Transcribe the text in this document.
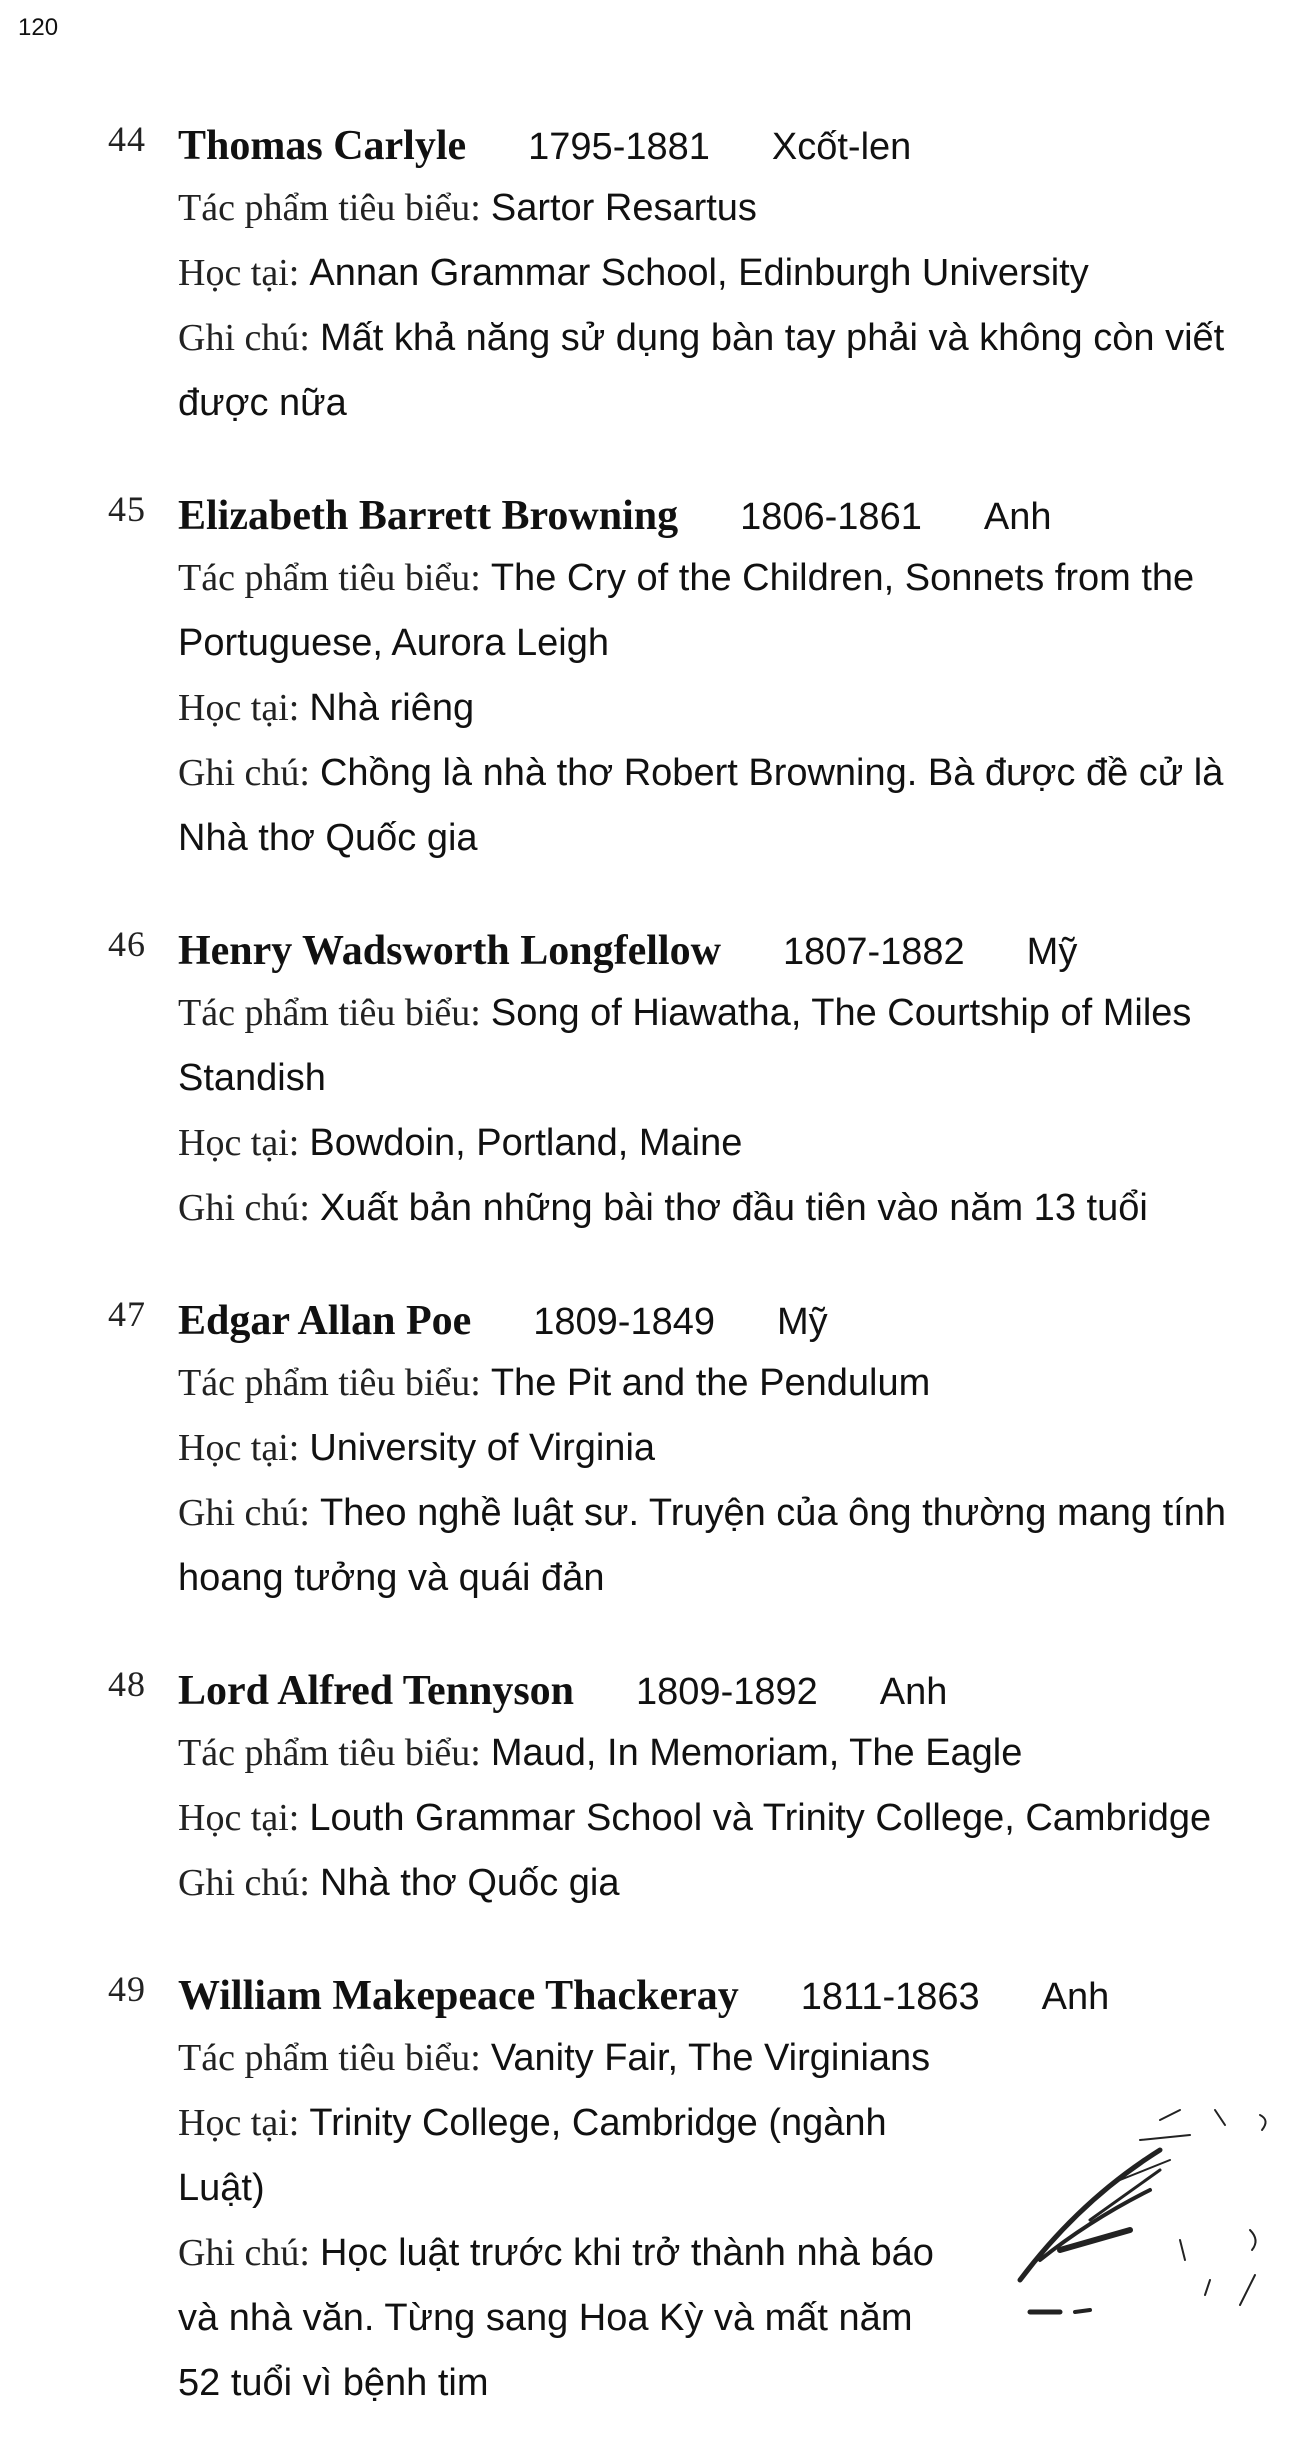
120
44 Thomas Carlyle 1795-1881 Xcốt-len
Tác phẩm tiêu biểu: Sartor Resartus
Học tại: Annan Grammar School, Edinburgh University
Ghi chú: Mất khả năng sử dụng bàn tay phải và không còn viết được nữa
45 Elizabeth Barrett Browning 1806-1861 Anh
Tác phẩm tiêu biểu: The Cry of the Children, Sonnets from the Portuguese, Aurora Leigh
Học tại: Nhà riêng
Ghi chú: Chồng là nhà thơ Robert Browning. Bà được đề cử là Nhà thơ Quốc gia
46 Henry Wadsworth Longfellow 1807-1882 Mỹ
Tác phẩm tiêu biểu: Song of Hiawatha, The Courtship of Miles Standish
Học tại: Bowdoin, Portland, Maine
Ghi chú: Xuất bản những bài thơ đầu tiên vào năm 13 tuổi
47 Edgar Allan Poe 1809-1849 Mỹ
Tác phẩm tiêu biểu: The Pit and the Pendulum
Học tại: University of Virginia
Ghi chú: Theo nghề luật sư. Truyện của ông thường mang tính hoang tưởng và quái đản
48 Lord Alfred Tennyson 1809-1892 Anh
Tác phẩm tiêu biểu: Maud, In Memoriam, The Eagle
Học tại: Louth Grammar School và Trinity College, Cambridge
Ghi chú: Nhà thơ Quốc gia
49 William Makepeace Thackeray 1811-1863 Anh
Tác phẩm tiêu biểu: Vanity Fair, The Virginians
Học tại: Trinity College, Cambridge (ngành Luật)
Ghi chú: Học luật trước khi trở thành nhà báo và nhà văn. Từng sang Hoa Kỳ và mất năm 52 tuổi vì bệnh tim
